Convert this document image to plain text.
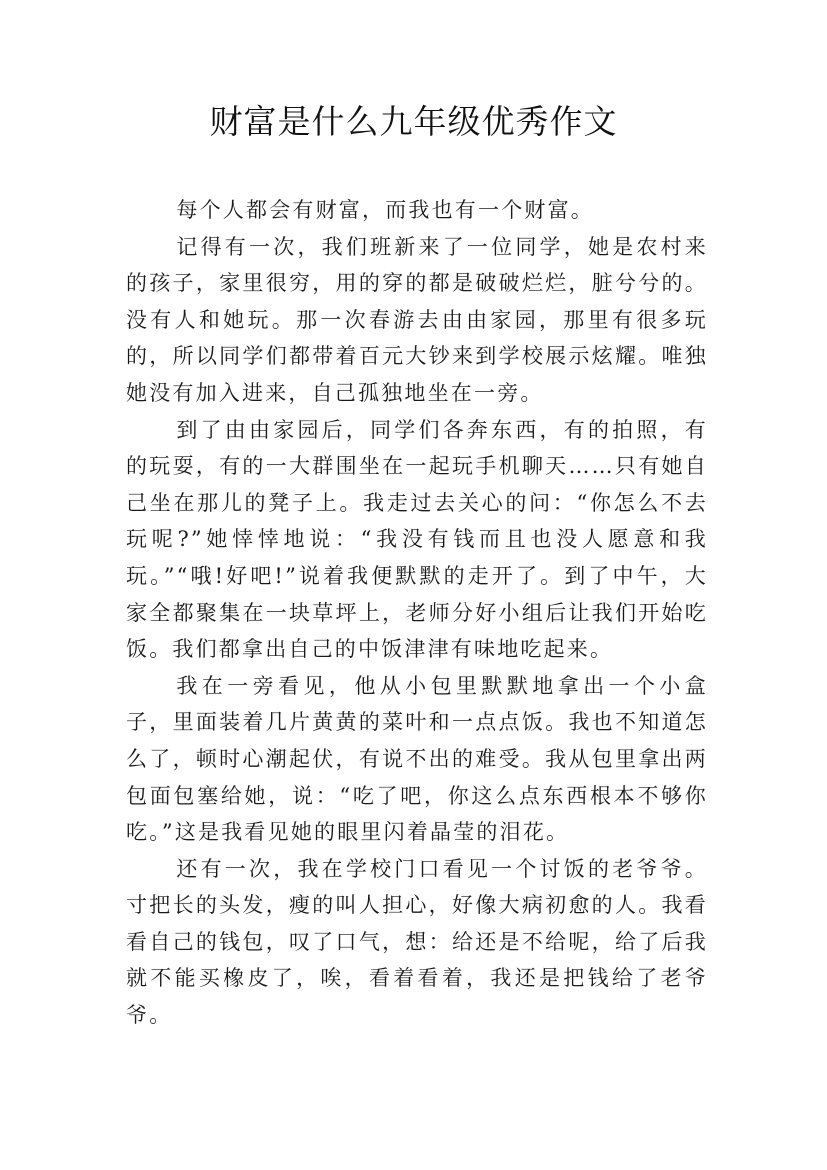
财富是什么九年级优秀作文

每个人都会有财富，而我也有一个财富。

记得有一次，我们班新来了一位同学，她是农村来的孩子，家里很穷，用的穿的都是破破烂烂，脏兮兮的。没有人和她玩。那一次春游去由由家园，那里有很多玩的，所以同学们都带着百元大钞来到学校展示炫耀。唯独她没有加入进来，自己孤独地坐在一旁。

到了由由家园后，同学们各奔东西，有的拍照，有的玩耍，有的一大群围坐在一起玩手机聊天……只有她自己坐在那儿的凳子上。我走过去关心的问：“你怎么不去玩呢?”她悻悻地说：“我没有钱而且也没人愿意和我玩。”“哦!好吧!”说着我便默默的走开了。到了中午，大家全都聚集在一块草坪上，老师分好小组后让我们开始吃饭。我们都拿出自己的中饭津津有味地吃起来。

我在一旁看见，他从小包里默默地拿出一个小盒子，里面装着几片黄黄的菜叶和一点点饭。我也不知道怎么了，顿时心潮起伏，有说不出的难受。我从包里拿出两包面包塞给她，说：“吃了吧，你这么点东西根本不够你吃。”这是我看见她的眼里闪着晶莹的泪花。

还有一次，我在学校门口看见一个讨饭的老爷爷。寸把长的头发，瘦的叫人担心，好像大病初愈的人。我看看自己的钱包，叹了口气，想：给还是不给呢，给了后我就不能买橡皮了，唉，看着看着，我还是把钱给了老爷爷。
